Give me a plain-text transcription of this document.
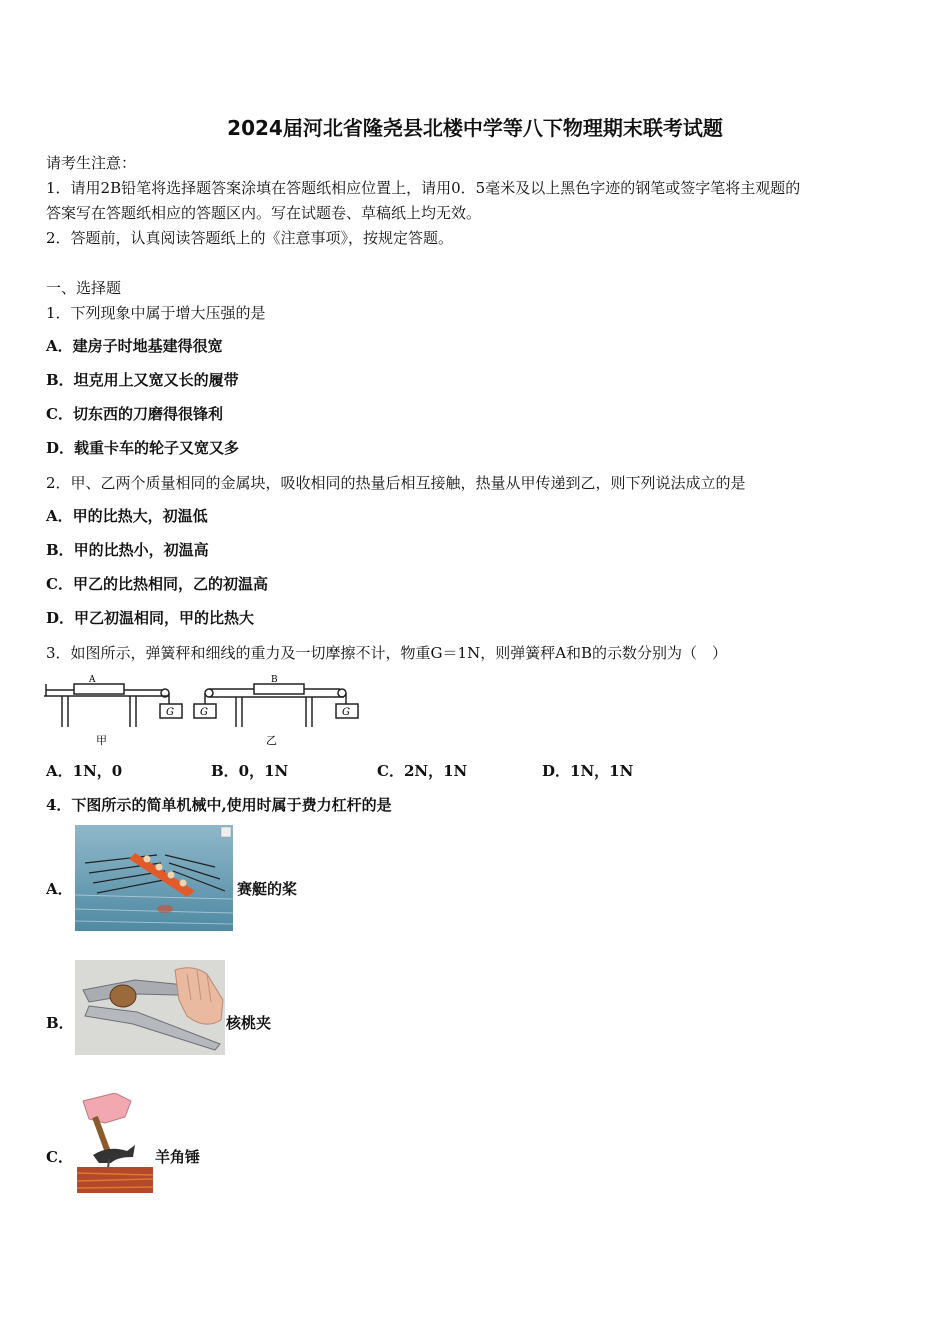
2024届河北省隆尧县北楼中学等八下物理期末联考试题
请考生注意：
1．请用2B铅笔将选择题答案涂填在答题纸相应位置上，请用0．5毫米及以上黑色字迹的钢笔或签字笔将主观题的
答案写在答题纸相应的答题区内。写在试题卷、草稿纸上均无效。
2．答题前，认真阅读答题纸上的《注意事项》，按规定答题。
一、选择题
1．下列现象中属于增大压强的是
A．建房子时地基建得很宽
B．坦克用上又宽又长的履带
C．切东西的刀磨得很锋利
D．载重卡车的轮子又宽又多
2．甲、乙两个质量相同的金属块，吸收相同的热量后相互接触，热量从甲传递到乙，则下列说法成立的是
A．甲的比热大，初温低
B．甲的比热小，初温高
C．甲乙的比热相同，乙的初温高
D．甲乙初温相同，甲的比热大
3．如图所示，弹簧秤和细线的重力及一切摩擦不计，物重G＝1N，则弹簧秤A和B的示数分别为（　）
A	B
G	G	G
甲	乙
A．1N，0	B．0，1N	C．2N，1N	D．1N，1N
4．下图所示的简单机械中,使用时属于费力杠杆的是
A．	赛艇的桨
B．	核桃夹
C．	羊角锤
